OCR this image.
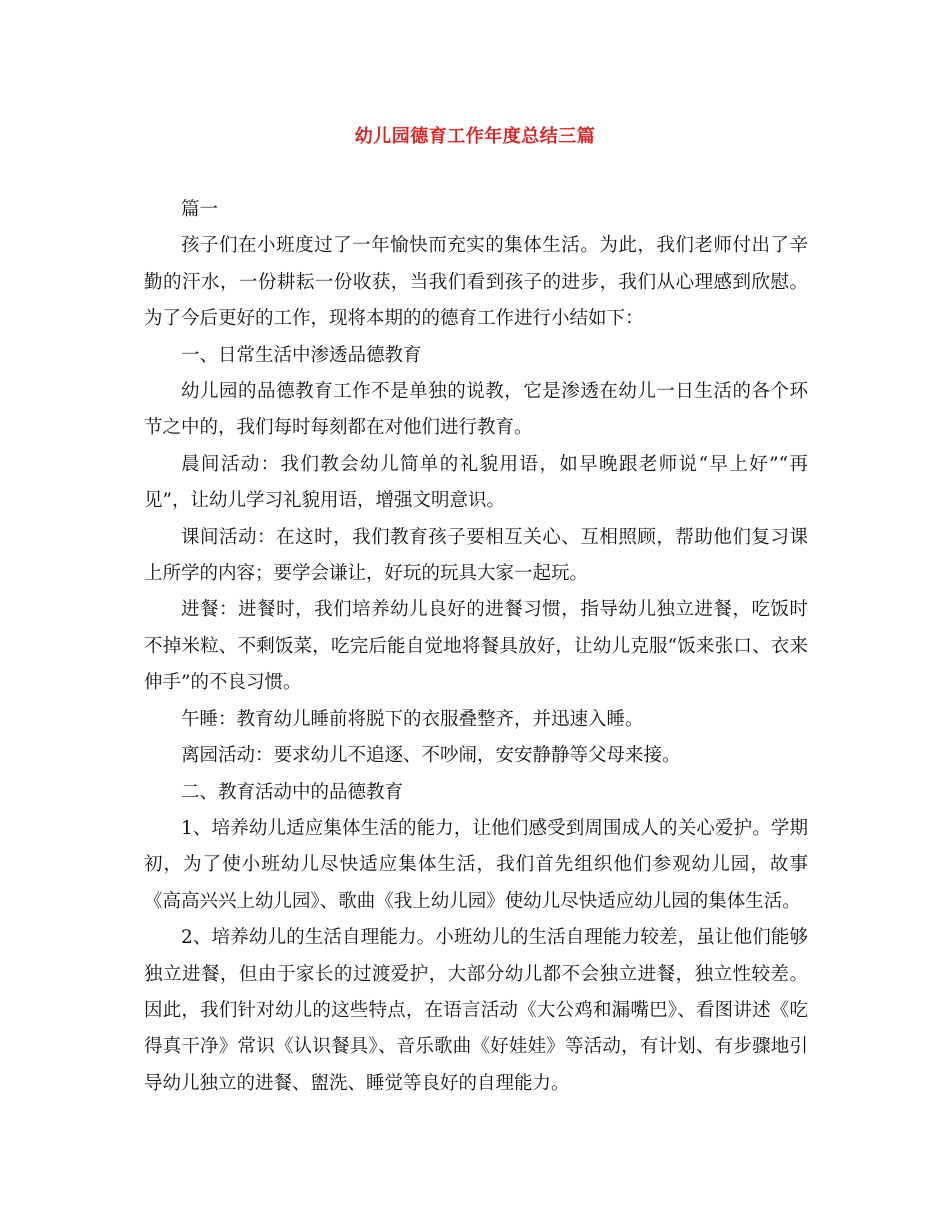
幼儿园德育工作年度总结三篇

篇一

孩子们在小班度过了一年愉快而充实的集体生活。为此，我们老师付出了辛勤的汗水，一份耕耘一份收获，当我们看到孩子的进步，我们从心理感到欣慰。为了今后更好的工作，现将本期的的德育工作进行小结如下：

一、日常生活中渗透品德教育

幼儿园的品德教育工作不是单独的说教，它是渗透在幼儿一日生活的各个环节之中的，我们每时每刻都在对他们进行教育。

晨间活动：我们教会幼儿简单的礼貌用语，如早晚跟老师说“早上好”“再见”，让幼儿学习礼貌用语，增强文明意识。

课间活动：在这时，我们教育孩子要相互关心、互相照顾，帮助他们复习课上所学的内容；要学会谦让，好玩的玩具大家一起玩。

进餐：进餐时，我们培养幼儿良好的进餐习惯，指导幼儿独立进餐，吃饭时不掉米粒、不剩饭菜，吃完后能自觉地将餐具放好，让幼儿克服“饭来张口、衣来伸手”的不良习惯。

午睡：教育幼儿睡前将脱下的衣服叠整齐，并迅速入睡。

离园活动：要求幼儿不追逐、不吵闹，安安静静等父母来接。

二、教育活动中的品德教育

1、培养幼儿适应集体生活的能力，让他们感受到周围成人的关心爱护。学期初，为了使小班幼儿尽快适应集体生活，我们首先组织他们参观幼儿园，故事《高高兴兴上幼儿园》、歌曲《我上幼儿园》使幼儿尽快适应幼儿园的集体生活。

2、培养幼儿的生活自理能力。小班幼儿的生活自理能力较差，虽让他们能够独立进餐，但由于家长的过渡爱护，大部分幼儿都不会独立进餐，独立性较差。因此，我们针对幼儿的这些特点，在语言活动《大公鸡和漏嘴巴》、看图讲述《吃得真干净》常识《认识餐具》、音乐歌曲《好娃娃》等活动，有计划、有步骤地引导幼儿独立的进餐、盥洗、睡觉等良好的自理能力。
